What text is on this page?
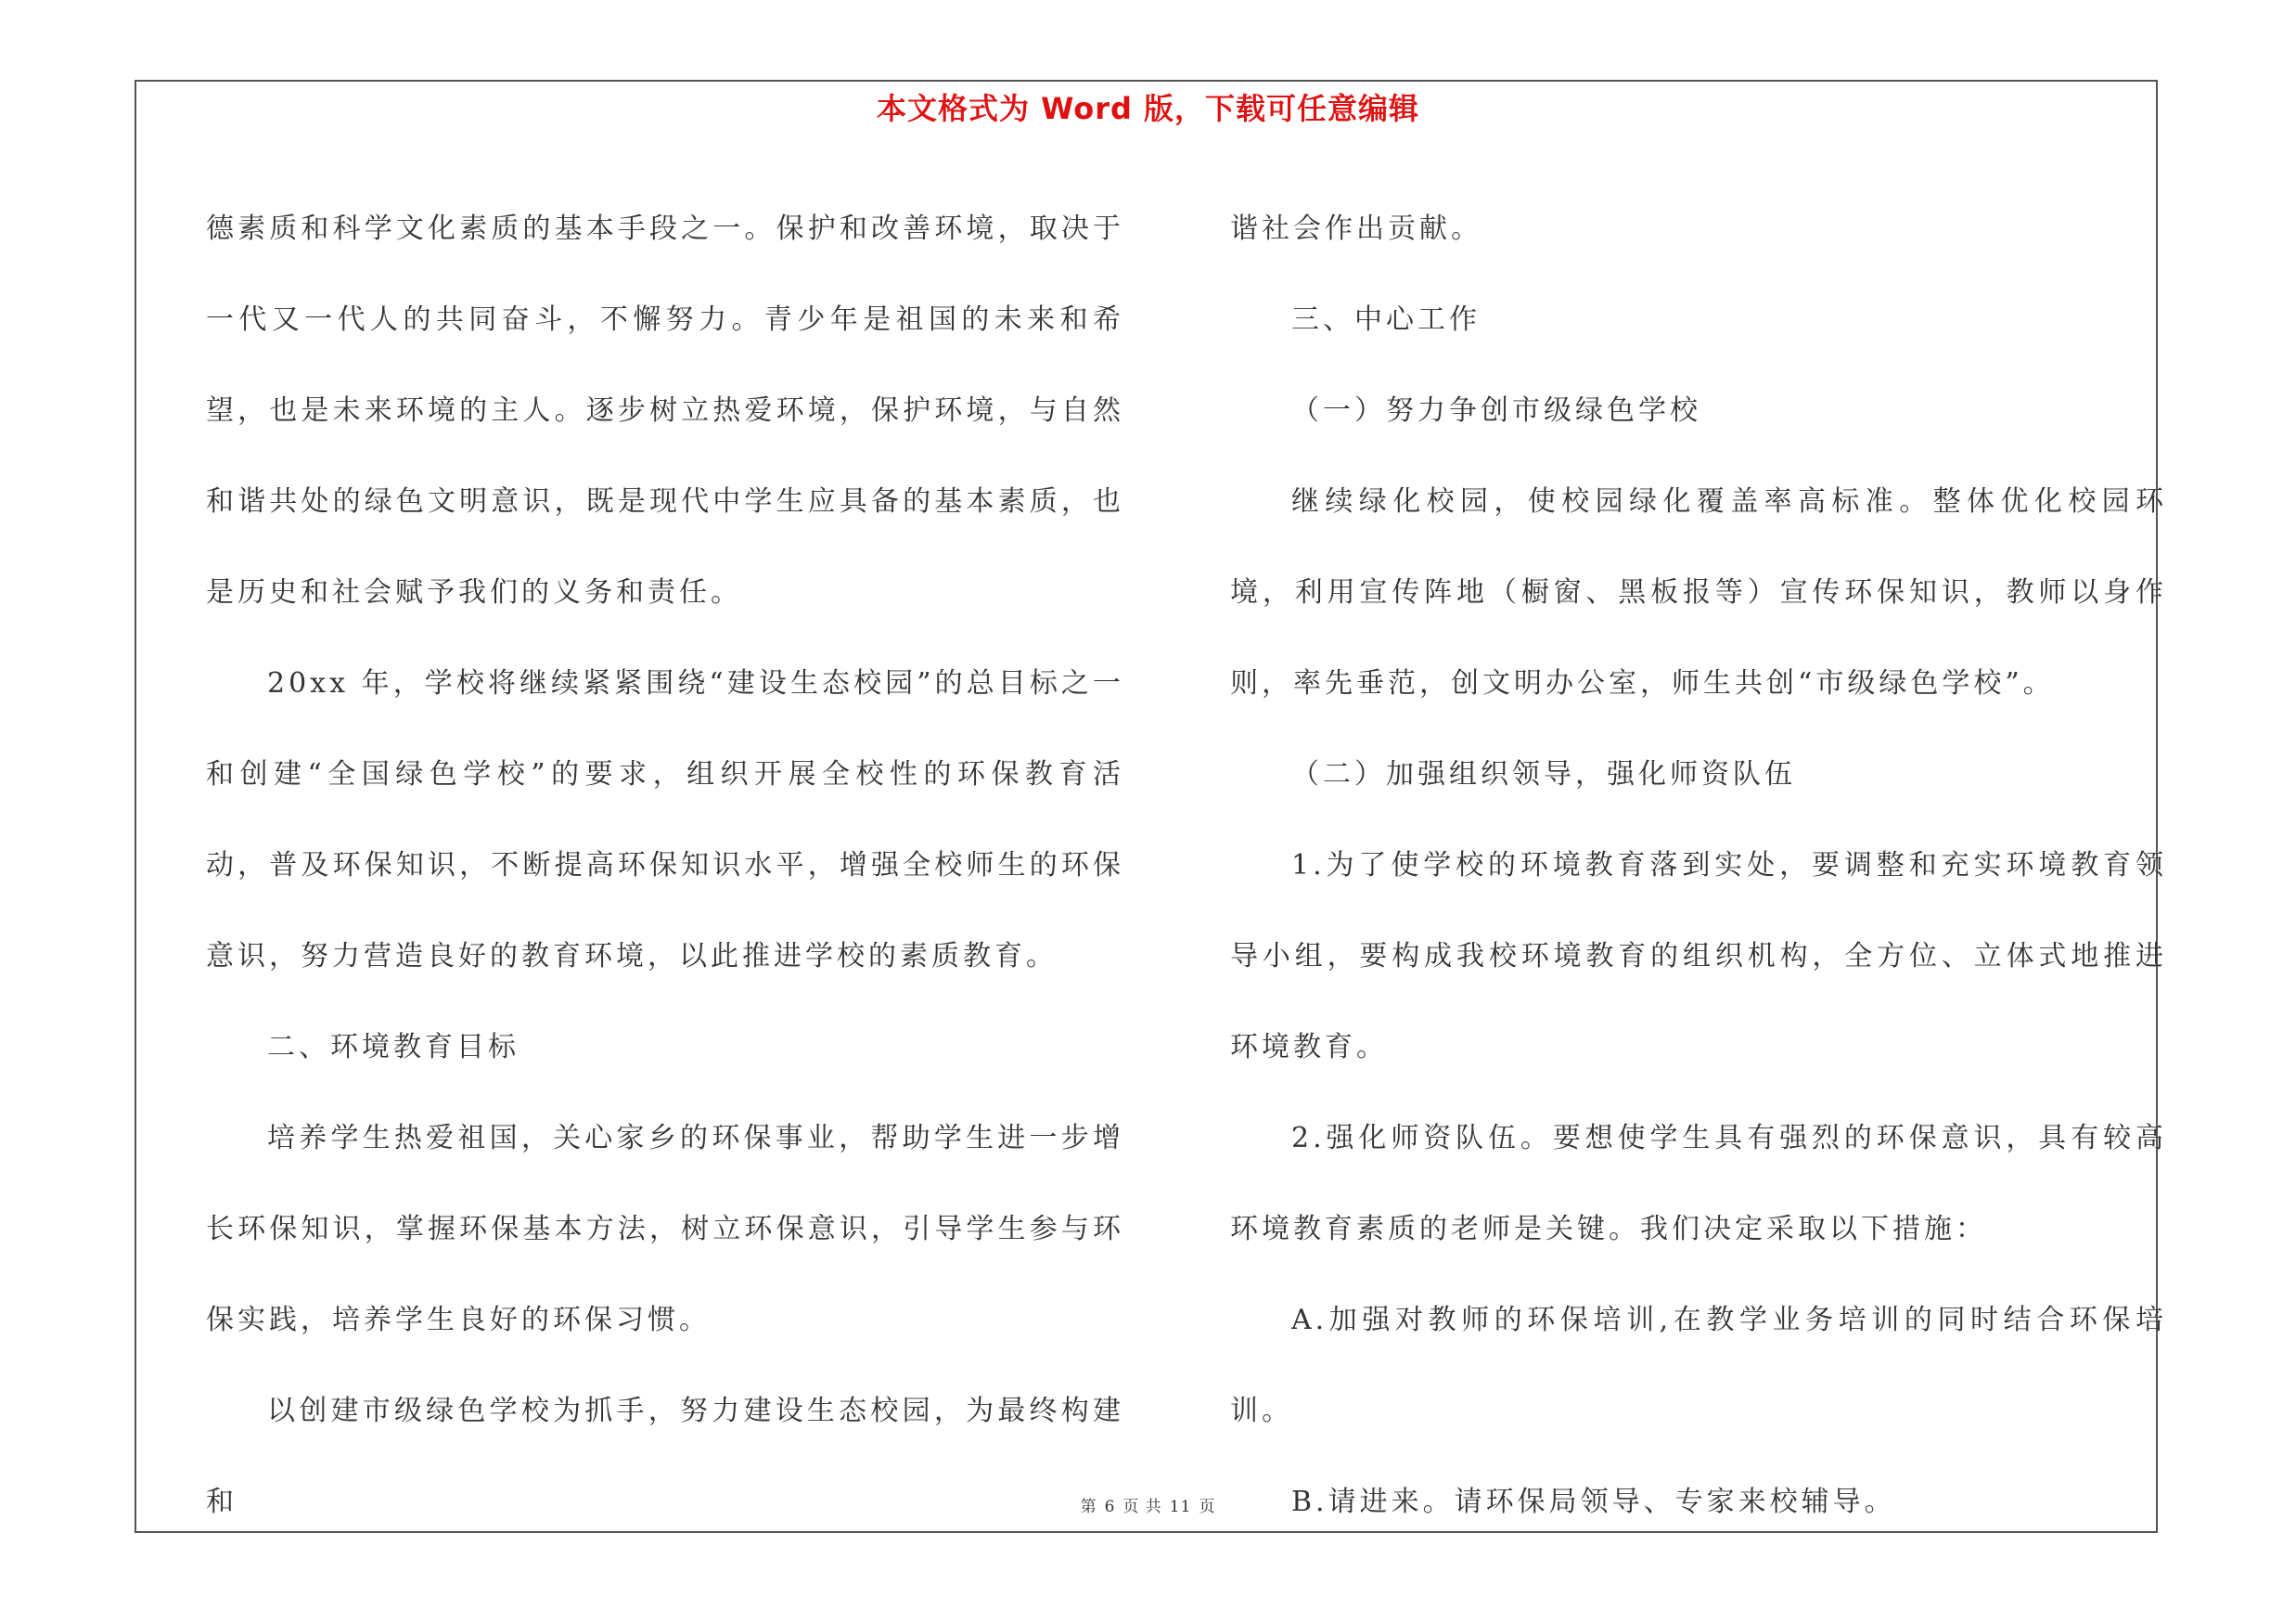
本文格式为 Word 版，下载可任意编辑

德素质和科学文化素质的基本手段之一。保护和改善环境，取决于一代又一代人的共同奋斗，不懈努力。青少年是祖国的未来和希望，也是未来环境的主人。逐步树立热爱环境，保护环境，与自然和谐共处的绿色文明意识，既是现代中学生应具备的基本素质，也是历史和社会赋予我们的义务和责任。

20xx 年，学校将继续紧紧围绕“建设生态校园”的总目标之一和创建“全国绿色学校”的要求，组织开展全校性的环保教育活动，普及环保知识，不断提高环保知识水平，增强全校师生的环保意识，努力营造良好的教育环境，以此推进学校的素质教育。

二、环境教育目标

培养学生热爱祖国，关心家乡的环保事业，帮助学生进一步增长环保知识，掌握环保基本方法，树立环保意识，引导学生参与环保实践，培养学生良好的环保习惯。

以创建市级绿色学校为抓手，努力建设生态校园，为最终构建和

谐社会作出贡献。

三、中心工作

（一）努力争创市级绿色学校

继续绿化校园，使校园绿化覆盖率高标准。整体优化校园环境，利用宣传阵地（橱窗、黑板报等）宣传环保知识，教师以身作则，率先垂范，创文明办公室，师生共创“市级绿色学校”。

（二）加强组织领导，强化师资队伍

1.为了使学校的环境教育落到实处，要调整和充实环境教育领导小组，要构成我校环境教育的组织机构，全方位、立体式地推进环境教育。

2.强化师资队伍。要想使学生具有强烈的环保意识，具有较高环境教育素质的老师是关键。我们决定采取以下措施：

A.加强对教师的环保培训,在教学业务培训的同时结合环保培训。

B.请进来。请环保局领导、专家来校辅导。

第 6 页 共 11 页
